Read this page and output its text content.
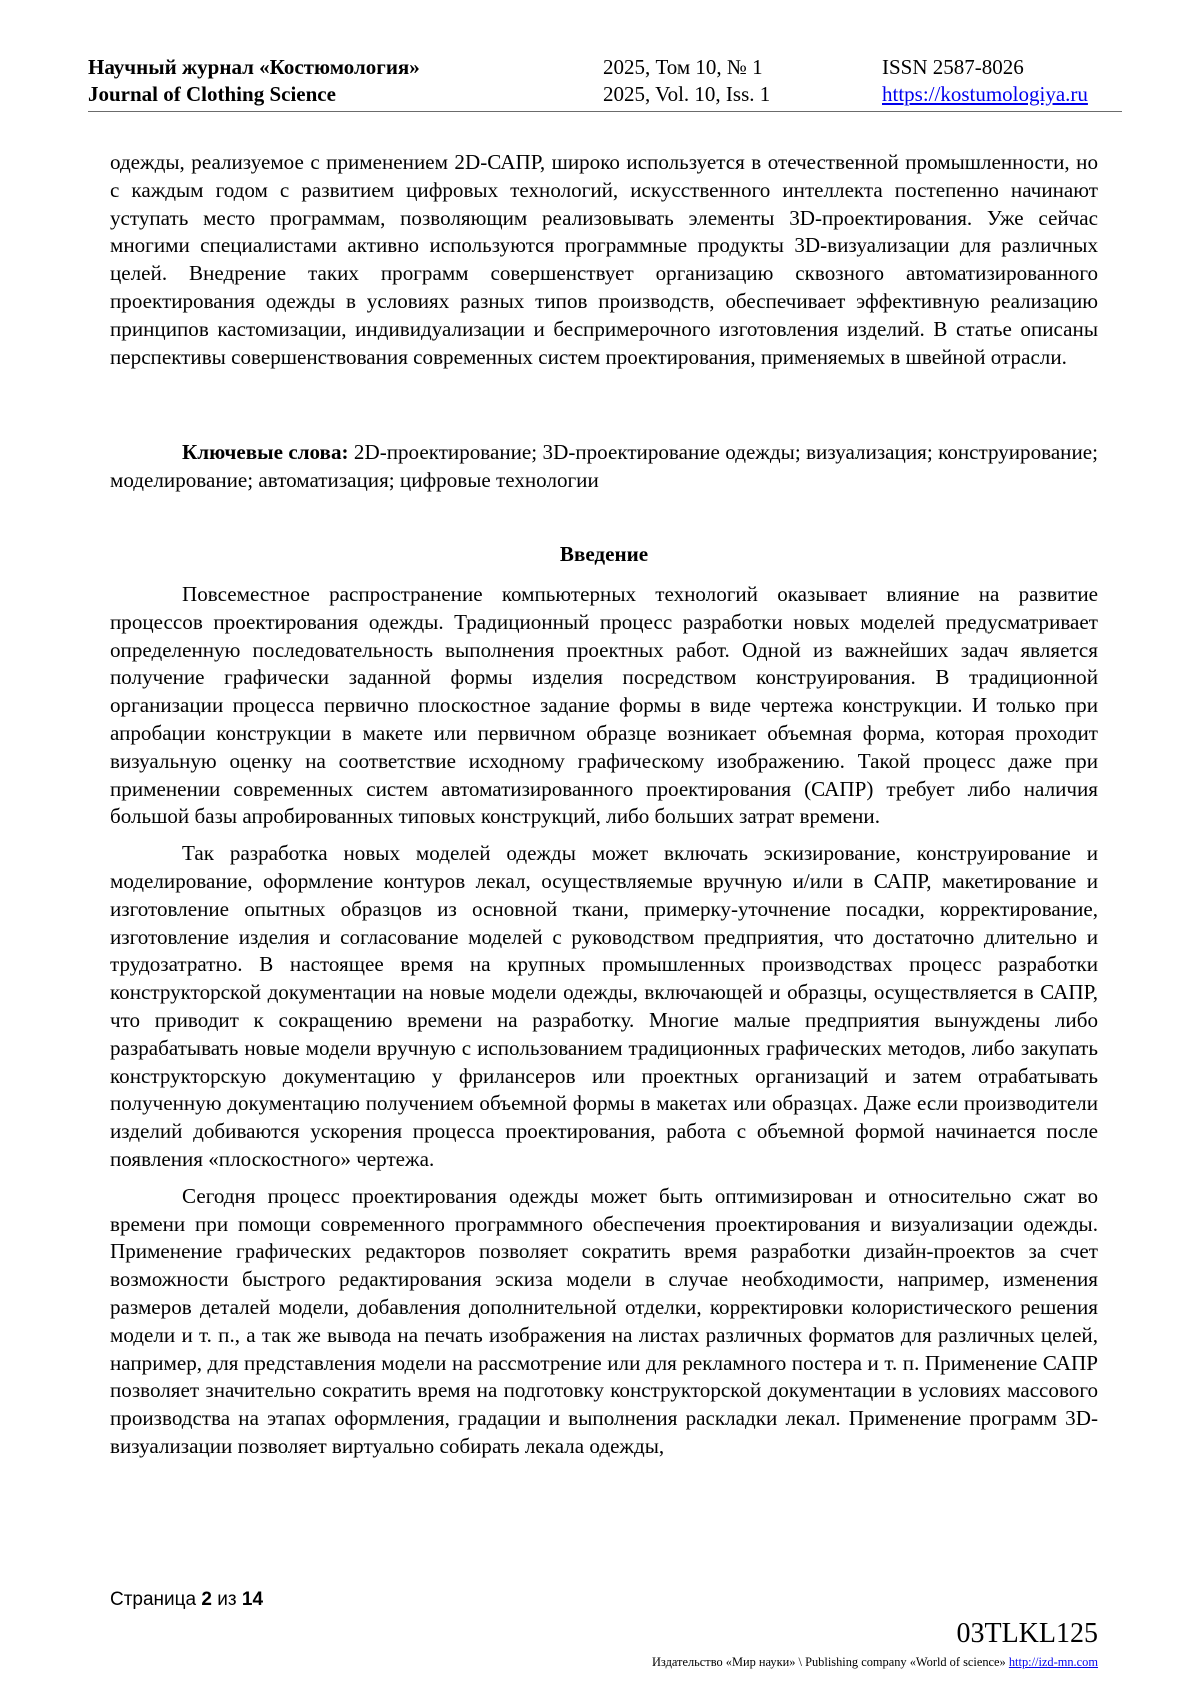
Научный журнал «Костюмология»
Journal of Clothing Science
2025, Том 10, № 1
2025, Vol. 10, Iss. 1
ISSN 2587-8026
https://kostumologiya.ru

одежды, реализуемое с применением 2D-САПР, широко используется в отечественной промышленности, но с каждым годом с развитием цифровых технологий, искусственного интеллекта постепенно начинают уступать место программам, позволяющим реализовывать элементы 3D-проектирования. Уже сейчас многими специалистами активно используются программные продукты 3D-визуализации для различных целей. Внедрение таких программ совершенствует организацию сквозного автоматизированного проектирования одежды в условиях разных типов производств, обеспечивает эффективную реализацию принципов кастомизации, индивидуализации и беспримерочного изготовления изделий. В статье описаны перспективы совершенствования современных систем проектирования, применяемых в швейной отрасли.

Ключевые слова: 2D-проектирование; 3D-проектирование одежды; визуализация; конструирование; моделирование; автоматизация; цифровые технологии
Введение

Повсеместное распространение компьютерных технологий оказывает влияние на развитие процессов проектирования одежды. Традиционный процесс разработки новых моделей предусматривает определенную последовательность выполнения проектных работ. Одной из важнейших задач является получение графически заданной формы изделия посредством конструирования. В традиционной организации процесса первично плоскостное задание формы в виде чертежа конструкции. И только при апробации конструкции в макете или первичном образце возникает объемная форма, которая проходит визуальную оценку на соответствие исходному графическому изображению. Такой процесс даже при применении современных систем автоматизированного проектирования (САПР) требует либо наличия большой базы апробированных типовых конструкций, либо больших затрат времени.

Так разработка новых моделей одежды может включать эскизирование, конструирование и моделирование, оформление контуров лекал, осуществляемые вручную и/или в САПР, макетирование и изготовление опытных образцов из основной ткани, примерку-уточнение посадки, корректирование, изготовление изделия и согласование моделей с руководством предприятия, что достаточно длительно и трудозатратно. В настоящее время на крупных промышленных производствах процесс разработки конструкторской документации на новые модели одежды, включающей и образцы, осуществляется в САПР, что приводит к сокращению времени на разработку. Многие малые предприятия вынуждены либо разрабатывать новые модели вручную с использованием традиционных графических методов, либо закупать конструкторскую документацию у фрилансеров или проектных организаций и затем отрабатывать полученную документацию получением объемной формы в макетах или образцах. Даже если производители изделий добиваются ускорения процесса проектирования, работа с объемной формой начинается после появления «плоскостного» чертежа.

Сегодня процесс проектирования одежды может быть оптимизирован и относительно сжат во времени при помощи современного программного обеспечения проектирования и визуализации одежды. Применение графических редакторов позволяет сократить время разработки дизайн-проектов за счет возможности быстрого редактирования эскиза модели в случае необходимости, например, изменения размеров деталей модели, добавления дополнительной отделки, корректировки колористического решения модели и т. п., а так же вывода на печать изображения на листах различных форматов для различных целей, например, для представления модели на рассмотрение или для рекламного постера и т. п. Применение САПР позволяет значительно сократить время на подготовку конструкторской документации в условиях массового производства на этапах оформления, градации и выполнения раскладки лекал. Применение программ 3D-визуализации позволяет виртуально собирать лекала одежды,

Страница 2 из 14
03TLKL125
Издательство «Мир науки» \ Publishing company «World of science» http://izd-mn.com
